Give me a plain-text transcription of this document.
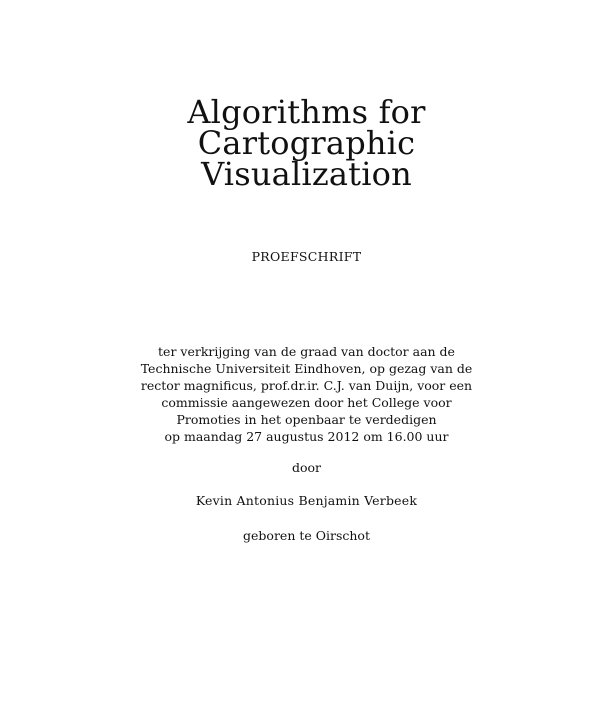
Algorithms for
Cartographic
Visualization
PROEFSCHRIFT
ter verkrijging van de graad van doctor aan de
Technische Universiteit Eindhoven, op gezag van de
rector magnificus, prof.dr.ir. C.J. van Duijn, voor een
commissie aangewezen door het College voor
Promoties in het openbaar te verdedigen
op maandag 27 augustus 2012 om 16.00 uur
door
Kevin Antonius Benjamin Verbeek
geboren te Oirschot
